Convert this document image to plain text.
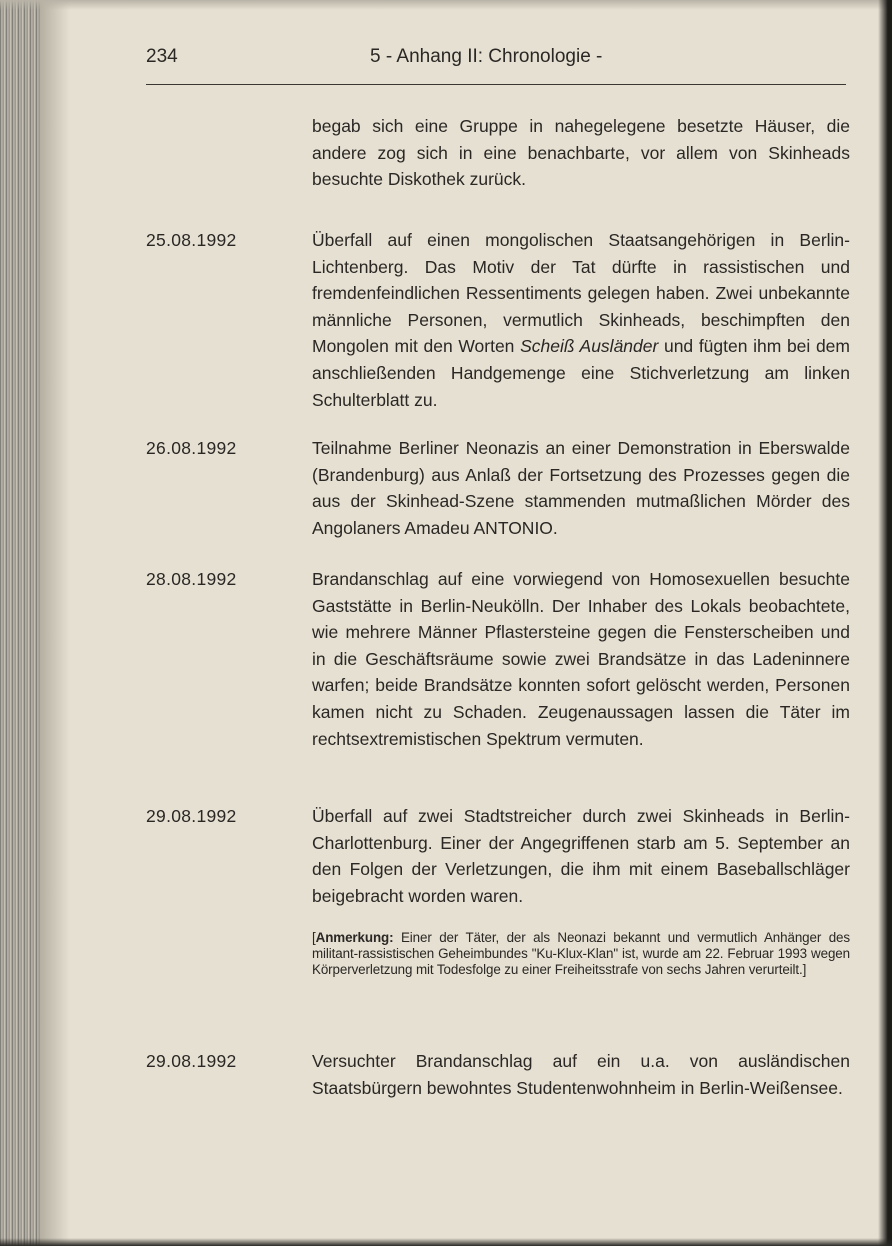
234	5 - Anhang II: Chronologie -

begab sich eine Gruppe in nahegelegene besetzte Häuser, die andere zog sich in eine benachbarte, vor allem von Skinheads besuchte Diskothek zurück.

25.08.1992	Überfall auf einen mongolischen Staatsangehörigen in Berlin-Lichtenberg. Das Motiv der Tat dürfte in rassistischen und fremdenfeindlichen Ressentiments gelegen haben. Zwei unbekannte männliche Personen, vermutlich Skinheads, beschimpften den Mongolen mit den Worten Scheiß Ausländer und fügten ihm bei dem anschließenden Handgemenge eine Stichverletzung am linken Schulterblatt zu.

26.08.1992	Teilnahme Berliner Neonazis an einer Demonstration in Eberswalde (Brandenburg) aus Anlaß der Fortsetzung des Prozesses gegen die aus der Skinhead-Szene stammenden mutmaßlichen Mörder des Angolaners Amadeu ANTONIO.

28.08.1992	Brandanschlag auf eine vorwiegend von Homosexuellen besuchte Gaststätte in Berlin-Neukölln. Der Inhaber des Lokals beobachtete, wie mehrere Männer Pflastersteine gegen die Fensterscheiben und in die Geschäftsräume sowie zwei Brandsätze in das Ladeninnere warfen; beide Brandsätze konnten sofort gelöscht werden, Personen kamen nicht zu Schaden. Zeugenaussagen lassen die Täter im rechtsextremistischen Spektrum vermuten.

29.08.1992	Überfall auf zwei Stadtstreicher durch zwei Skinheads in Berlin-Charlottenburg. Einer der Angegriffenen starb am 5. September an den Folgen der Verletzungen, die ihm mit einem Baseballschläger beigebracht worden waren.

[Anmerkung: Einer der Täter, der als Neonazi bekannt und vermutlich Anhänger des militant-rassistischen Geheimbundes "Ku-Klux-Klan" ist, wurde am 22. Februar 1993 wegen Körperverletzung mit Todesfolge zu einer Freiheitsstrafe von sechs Jahren verurteilt.]

29.08.1992	Versuchter Brandanschlag auf ein u.a. von ausländischen Staatsbürgern bewohntes Studentenwohnheim in Berlin-Weißensee.
